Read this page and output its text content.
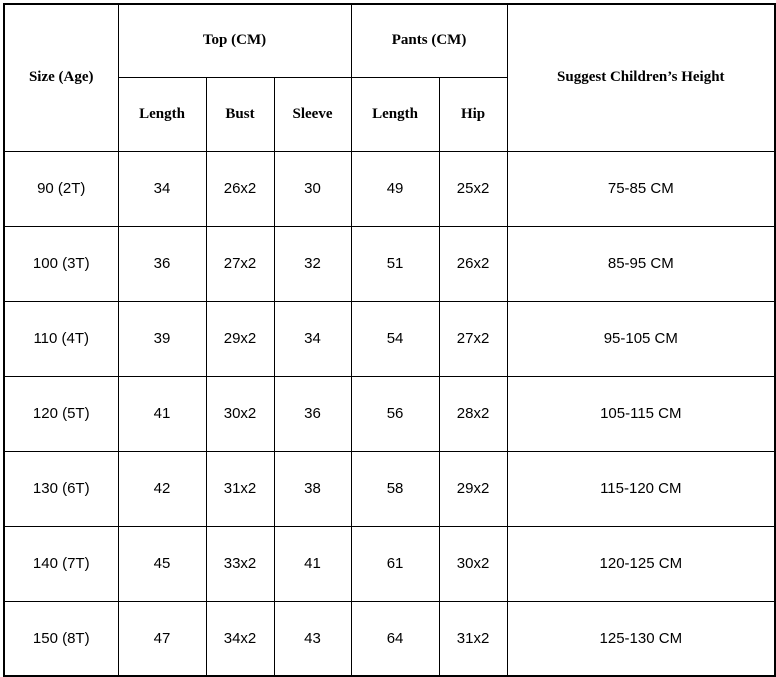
Size (Age)	Top (CM)			Pants (CM)		Suggest Children’s Height
	Length	Bust	Sleeve	Length	Hip	
90 (2T)	34	26x2	30	49	25x2	75-85 CM
100 (3T)	36	27x2	32	51	26x2	85-95 CM
110 (4T)	39	29x2	34	54	27x2	95-105 CM
120 (5T)	41	30x2	36	56	28x2	105-115 CM
130 (6T)	42	31x2	38	58	29x2	115-120 CM
140 (7T)	45	33x2	41	61	30x2	120-125 CM
150 (8T)	47	34x2	43	64	31x2	125-130 CM
